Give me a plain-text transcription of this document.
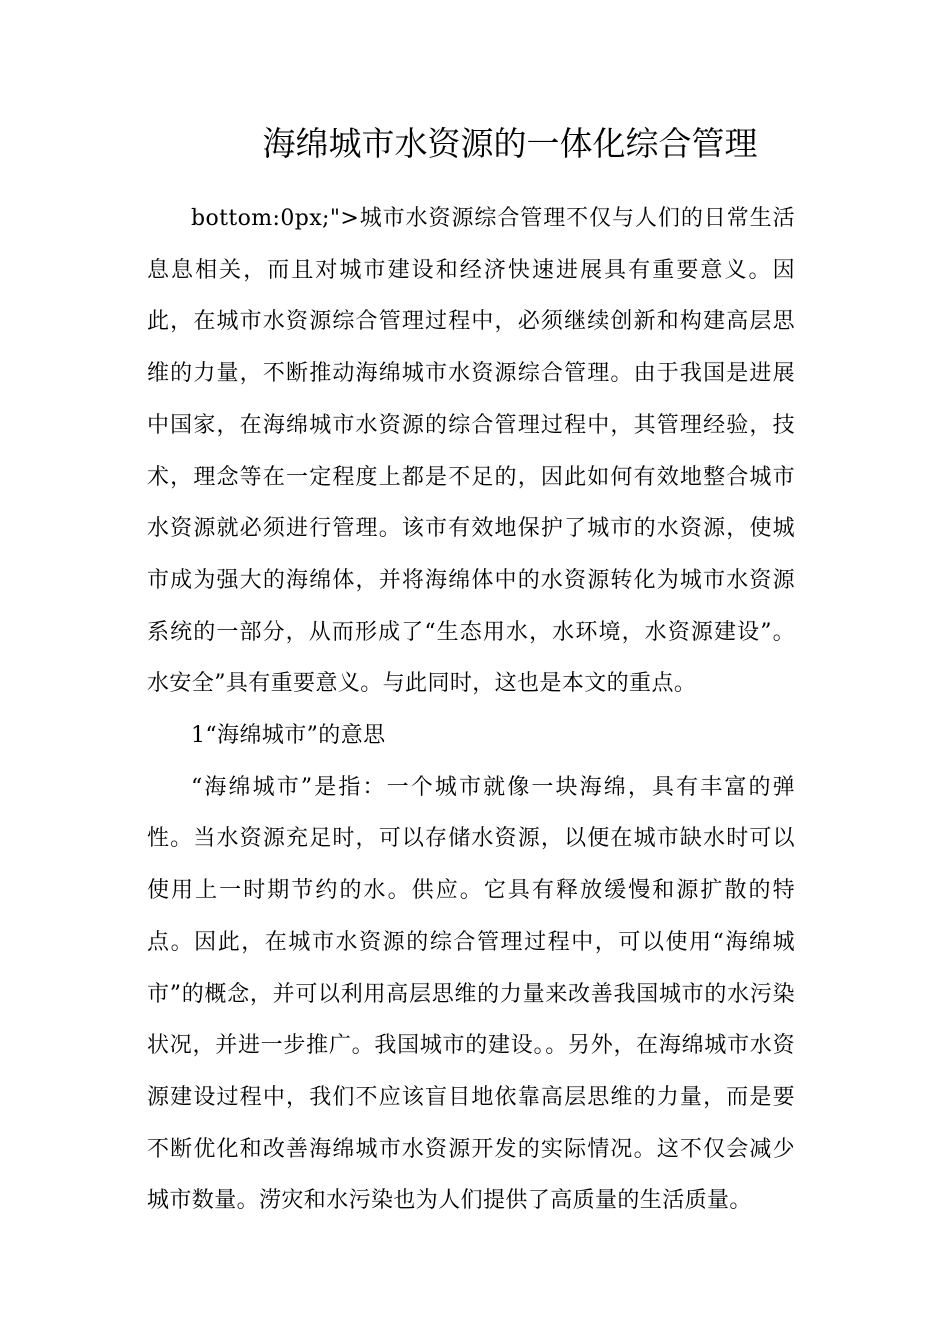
海绵城市水资源的一体化综合管理

bottom:0px;">城市水资源综合管理不仅与人们的日常生活息息相关，而且对城市建设和经济快速进展具有重要意义。因此，在城市水资源综合管理过程中，必须继续创新和构建高层思维的力量，不断推动海绵城市水资源综合管理。由于我国是进展中国家，在海绵城市水资源的综合管理过程中，其管理经验，技术，理念等在一定程度上都是不足的，因此如何有效地整合城市水资源就必须进行管理。该市有效地保护了城市的水资源，使城市成为强大的海绵体，并将海绵体中的水资源转化为城市水资源系统的一部分，从而形成了“生态用水，水环境，水资源建设”。水安全”具有重要意义。与此同时，这也是本文的重点。

1“海绵城市”的意思

“海绵城市”是指：一个城市就像一块海绵，具有丰富的弹性。当水资源充足时，可以存储水资源，以便在城市缺水时可以使用上一时期节约的水。供应。它具有释放缓慢和源扩散的特点。因此，在城市水资源的综合管理过程中，可以使用“海绵城市”的概念，并可以利用高层思维的力量来改善我国城市的水污染状况，并进一步推广。我国城市的建设。。另外，在海绵城市水资源建设过程中，我们不应该盲目地依靠高层思维的力量，而是要不断优化和改善海绵城市水资源开发的实际情况。这不仅会减少城市数量。涝灾和水污染也为人们提供了高质量的生活质量。
